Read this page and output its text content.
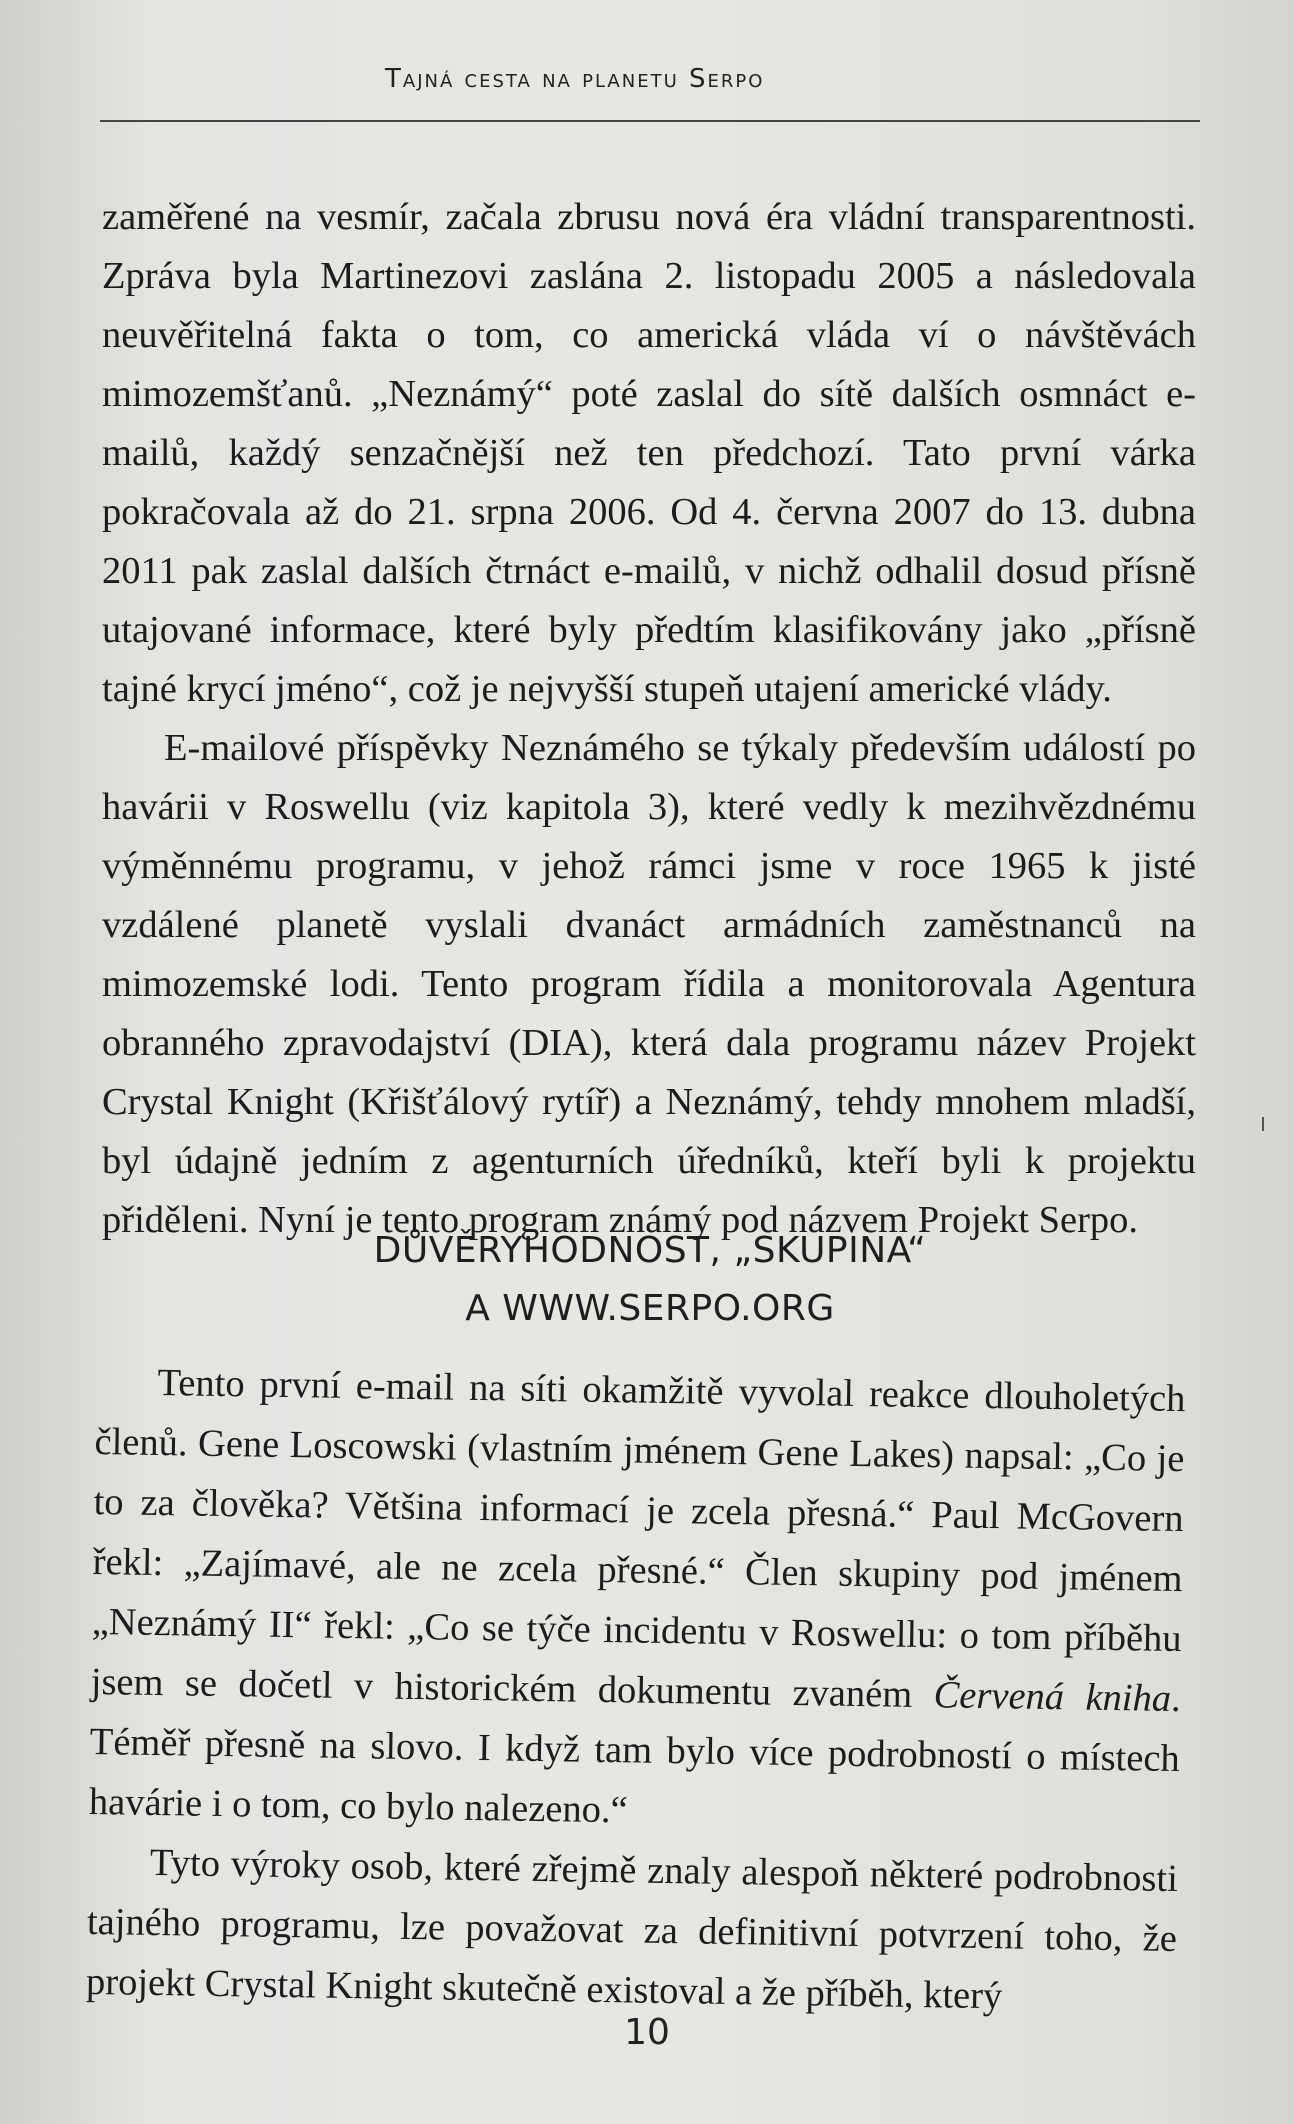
Tajná cesta na planetu Serpo

zaměřené na vesmír, začala zbrusu nová éra vládní transparentnosti. Zpráva byla Martinezovi zaslána 2. listopadu 2005 a následovala neuvěřitelná fakta o tom, co americká vláda ví o návštěvách mimozemšťanů. „Neznámý“ poté zaslal do sítě dalších osmnáct e-mailů, každý senzačnější než ten předchozí. Tato první várka pokračovala až do 21. srpna 2006. Od 4. června 2007 do 13. dubna 2011 pak zaslal dalších čtrnáct e-mailů, v nichž odhalil dosud přísně utajované informace, které byly předtím klasifikovány jako „přísně tajné krycí jméno“, což je nejvyšší stupeň utajení americké vlády.

E-mailové příspěvky Neznámého se týkaly především událostí po havárii v Roswellu (viz kapitola 3), které vedly k mezihvězdnému výměnnému programu, v jehož rámci jsme v roce 1965 k jisté vzdálené planetě vyslali dvanáct armádních zaměstnanců na mimozemské lodi. Tento program řídila a monitorovala Agentura obranného zpravodajství (DIA), která dala programu název Projekt Crystal Knight (Křišťálový rytíř) a Neznámý, tehdy mnohem mladší, byl údajně jedním z agenturních úředníků, kteří byli k projektu přiděleni. Nyní je tento program známý pod názvem Projekt Serpo.

DŮVĚRYHODNOST, „SKUPINA“
A WWW.SERPO.ORG

Tento první e-mail na síti okamžitě vyvolal reakce dlouholetých členů. Gene Loscowski (vlastním jménem Gene Lakes) napsal: „Co je to za člověka? Většina informací je zcela přesná.“ Paul McGovern řekl: „Zajímavé, ale ne zcela přesné.“ Člen skupiny pod jménem „Neznámý II“ řekl: „Co se týče incidentu v Roswellu: o tom příběhu jsem se dočetl v historickém dokumentu zvaném Červená kniha. Téměř přesně na slovo. I když tam bylo více podrobností o místech havárie i o tom, co bylo nalezeno.“

Tyto výroky osob, které zřejmě znaly alespoň některé podrobnosti tajného programu, lze považovat za definitivní potvrzení toho, že projekt Crystal Knight skutečně existoval a že příběh, který

10
